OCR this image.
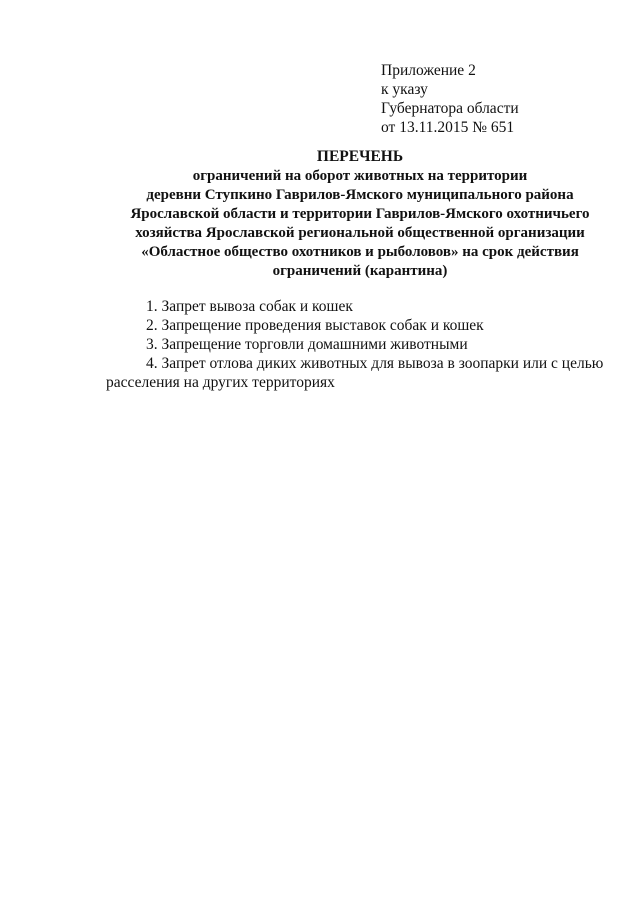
Приложение 2
к указу
Губернатора области
от 13.11.2015 № 651
ПЕРЕЧЕНЬ
ограничений на оборот животных на территории
деревни Ступкино Гаврилов-Ямского муниципального района
Ярославской области и территории Гаврилов-Ямского охотничьего
хозяйства Ярославской региональной общественной организации
«Областное общество охотников и рыболовов» на срок действия
ограничений (карантина)
1. Запрет вывоза собак и кошек
2. Запрещение проведения выставок собак и кошек
3. Запрещение торговли домашними животными
4. Запрет отлова диких животных для вывоза в зоопарки или с целью
расселения на других территориях
